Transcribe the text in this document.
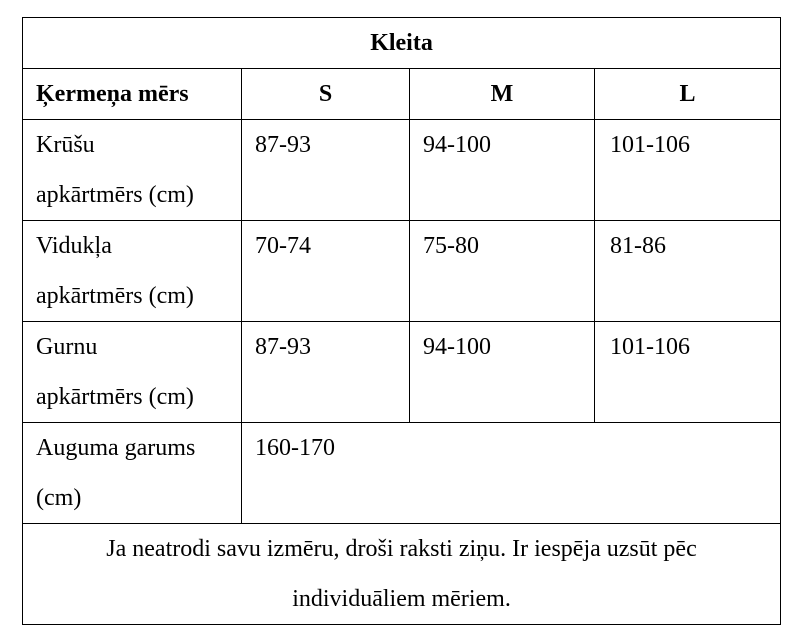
Kleita			
Ķermeņa mērs	S	M	L
Krūšu
apkārtmērs (cm)	87-93	94-100	101-106
Vidukļa
apkārtmērs (cm)	70-74	75-80	81-86
Gurnu
apkārtmērs (cm)	87-93	94-100	101-106
Auguma garums
(cm)	160-170		
Ja neatrodi savu izmēru, droši raksti ziņu. Ir iespēja uzsūt pēc
individuāliem mēriem.			
